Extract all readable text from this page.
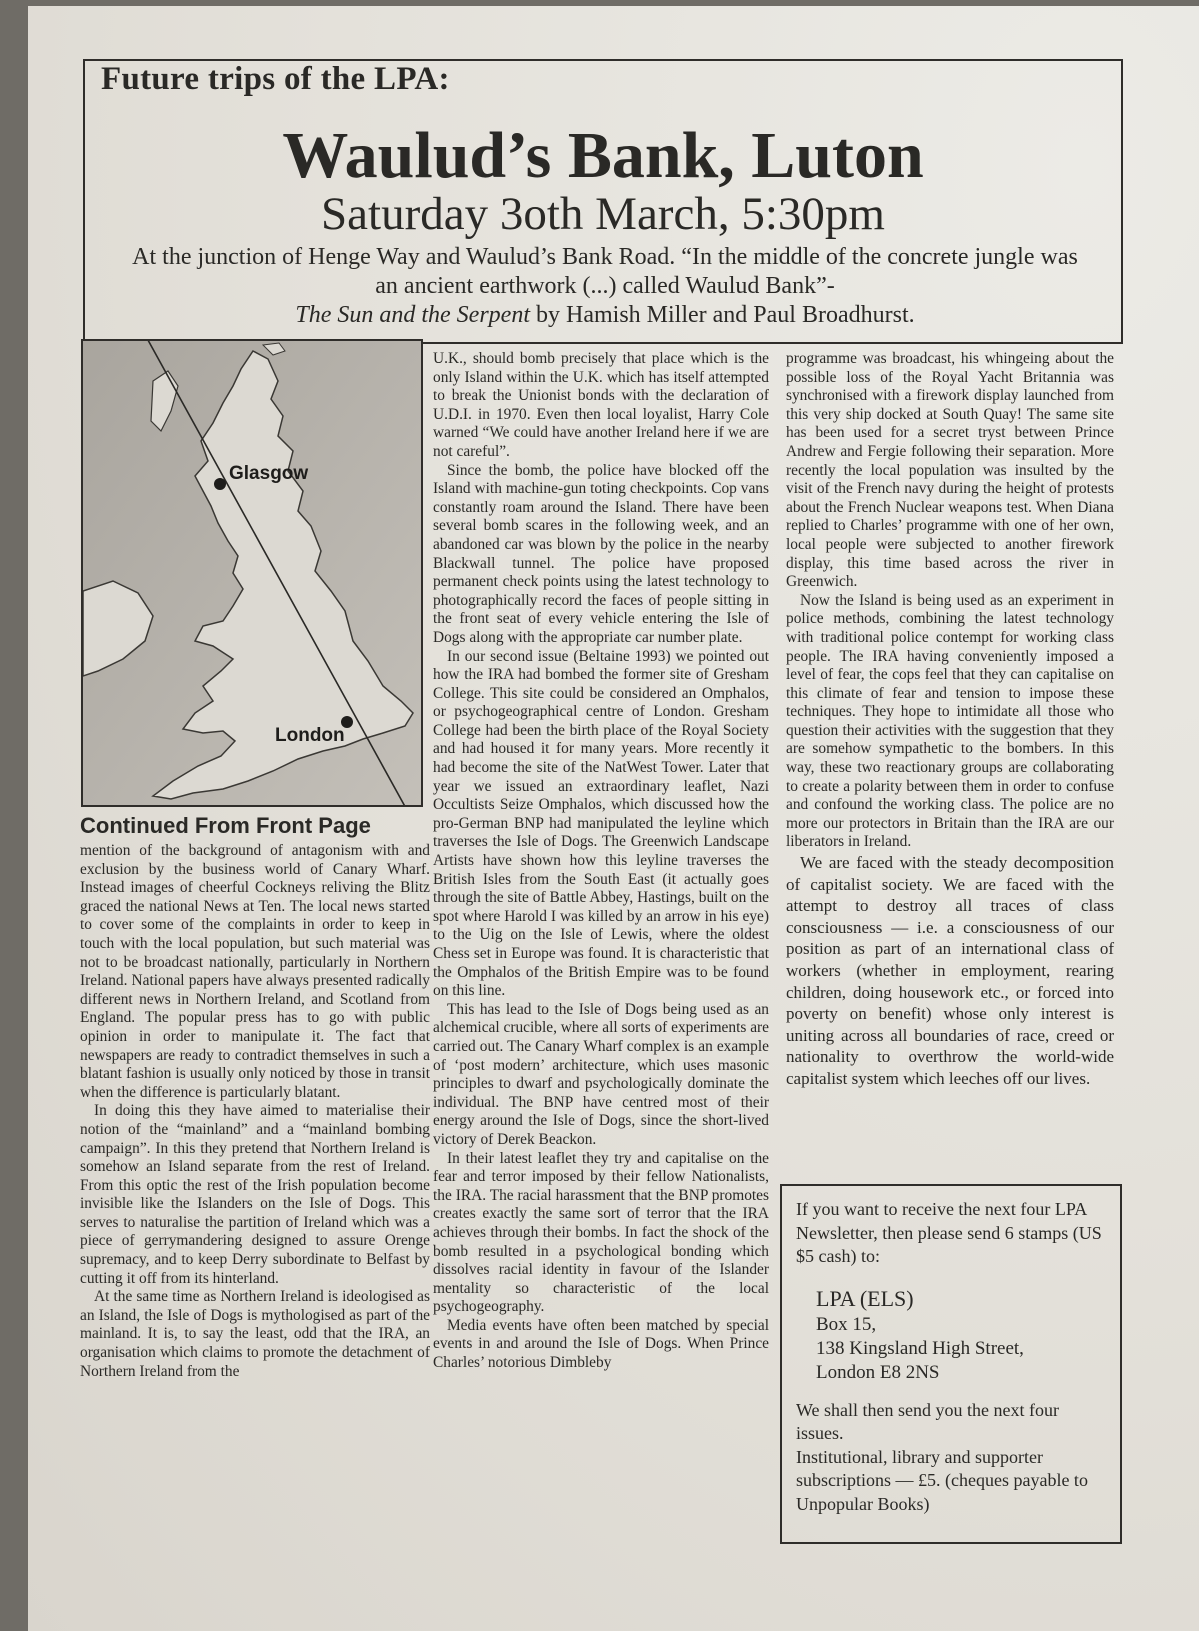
Future trips of the LPA:
Waulud’s Bank, Luton
Saturday 3oth March, 5:30pm
At the junction of Henge Way and Waulud’s Bank Road. “In the middle of the concrete jungle was an ancient earthwork (...) called Waulud Bank”-
The Sun and the Serpent by Hamish Miller and Paul Broadhurst.
Glasgow
London
Continued From Front Page

mention of the background of antagonism with and exclusion by the business world of Canary Wharf. Instead images of cheerful Cockneys reliving the Blitz graced the national News at Ten. The local news started to cover some of the complaints in order to keep in touch with the local population, but such material was not to be broadcast nationally, particularly in Northern Ireland. National papers have always presented radically different news in Northern Ireland, and Scotland from England. The popular press has to go with public opinion in order to manipulate it. The fact that newspapers are ready to contradict themselves in such a blatant fashion is usually only noticed by those in transit when the difference is particularly blatant.

In doing this they have aimed to materialise their notion of the “mainland” and a “mainland bombing campaign”. In this they pretend that Northern Ireland is somehow an Island separate from the rest of Ireland. From this optic the rest of the Irish population become invisible like the Islanders on the Isle of Dogs. This serves to naturalise the partition of Ireland which was a piece of gerrymandering designed to assure Orenge supremacy, and to keep Derry subordinate to Belfast by cutting it off from its hinterland.

At the same time as Northern Ireland is ideologised as an Island, the Isle of Dogs is mythologised as part of the mainland. It is, to say the least, odd that the IRA, an organisation which claims to promote the detachment of Northern Ireland from the

U.K., should bomb precisely that place which is the only Island within the U.K. which has itself attempted to break the Unionist bonds with the declaration of U.D.I. in 1970. Even then local loyalist, Harry Cole warned “We could have another Ireland here if we are not careful”.

Since the bomb, the police have blocked off the Island with machine-gun toting checkpoints. Cop vans constantly roam around the Island. There have been several bomb scares in the following week, and an abandoned car was blown by the police in the nearby Blackwall tunnel. The police have proposed permanent check points using the latest technology to photographically record the faces of people sitting in the front seat of every vehicle entering the Isle of Dogs along with the appropriate car number plate.

In our second issue (Beltaine 1993) we pointed out how the IRA had bombed the former site of Gresham College. This site could be considered an Omphalos, or psychogeographical centre of London. Gresham College had been the birth place of the Royal Society and had housed it for many years. More recently it had become the site of the NatWest Tower. Later that year we issued an extraordinary leaflet, Nazi Occultists Seize Omphalos, which discussed how the pro-German BNP had manipulated the leyline which traverses the Isle of Dogs. The Greenwich Landscape Artists have shown how this leyline traverses the British Isles from the South East (it actually goes through the site of Battle Abbey, Hastings, built on the spot where Harold I was killed by an arrow in his eye) to the Uig on the Isle of Lewis, where the oldest Chess set in Europe was found. It is characteristic that the Omphalos of the British Empire was to be found on this line.

This has lead to the Isle of Dogs being used as an alchemical crucible, where all sorts of experiments are carried out. The Canary Wharf complex is an example of ‘post modern’ architecture, which uses masonic principles to dwarf and psychologically dominate the individual. The BNP have centred most of their energy around the Isle of Dogs, since the short-lived victory of Derek Beackon.

In their latest leaflet they try and capitalise on the fear and terror imposed by their fellow Nationalists, the IRA. The racial harassment that the BNP promotes creates exactly the same sort of terror that the IRA achieves through their bombs. In fact the shock of the bomb resulted in a psychological bonding which dissolves racial identity in favour of the Islander mentality so characteristic of the local psychogeography.

Media events have often been matched by special events in and around the Isle of Dogs. When Prince Charles’ notorious Dimbleby

programme was broadcast, his whingeing about the possible loss of the Royal Yacht Britannia was synchronised with a firework display launched from this very ship docked at South Quay! The same site has been used for a secret tryst between Prince Andrew and Fergie following their separation. More recently the local population was insulted by the visit of the French navy during the height of protests about the French Nuclear weapons test. When Diana replied to Charles’ programme with one of her own, local people were subjected to another firework display, this time based across the river in Greenwich.

Now the Island is being used as an experiment in police methods, combining the latest technology with traditional police contempt for working class people. The IRA having conveniently imposed a level of fear, the cops feel that they can capitalise on this climate of fear and tension to impose these techniques. They hope to intimidate all those who question their activities with the suggestion that they are somehow sympathetic to the bombers. In this way, these two reactionary groups are collaborating to create a polarity between them in order to confuse and confound the working class. The police are no more our protectors in Britain than the IRA are our liberators in Ireland.

We are faced with the steady decomposition of capitalist society. We are faced with the attempt to destroy all traces of class consciousness — i.e. a consciousness of our position as part of an international class of workers (whether in employment, rearing children, doing housework etc., or forced into poverty on benefit) whose only interest is uniting across all boundaries of race, creed or nationality to overthrow the world-wide capitalist system which leeches off our lives.

If you want to receive the next four LPA Newsletter, then please send 6 stamps (US $5 cash) to:

LPA (ELS)
Box 15,
138 Kingsland High Street,
London E8 2NS

We shall then send you the next four issues.

Institutional, library and supporter subscriptions — £5. (cheques payable to Unpopular Books)
